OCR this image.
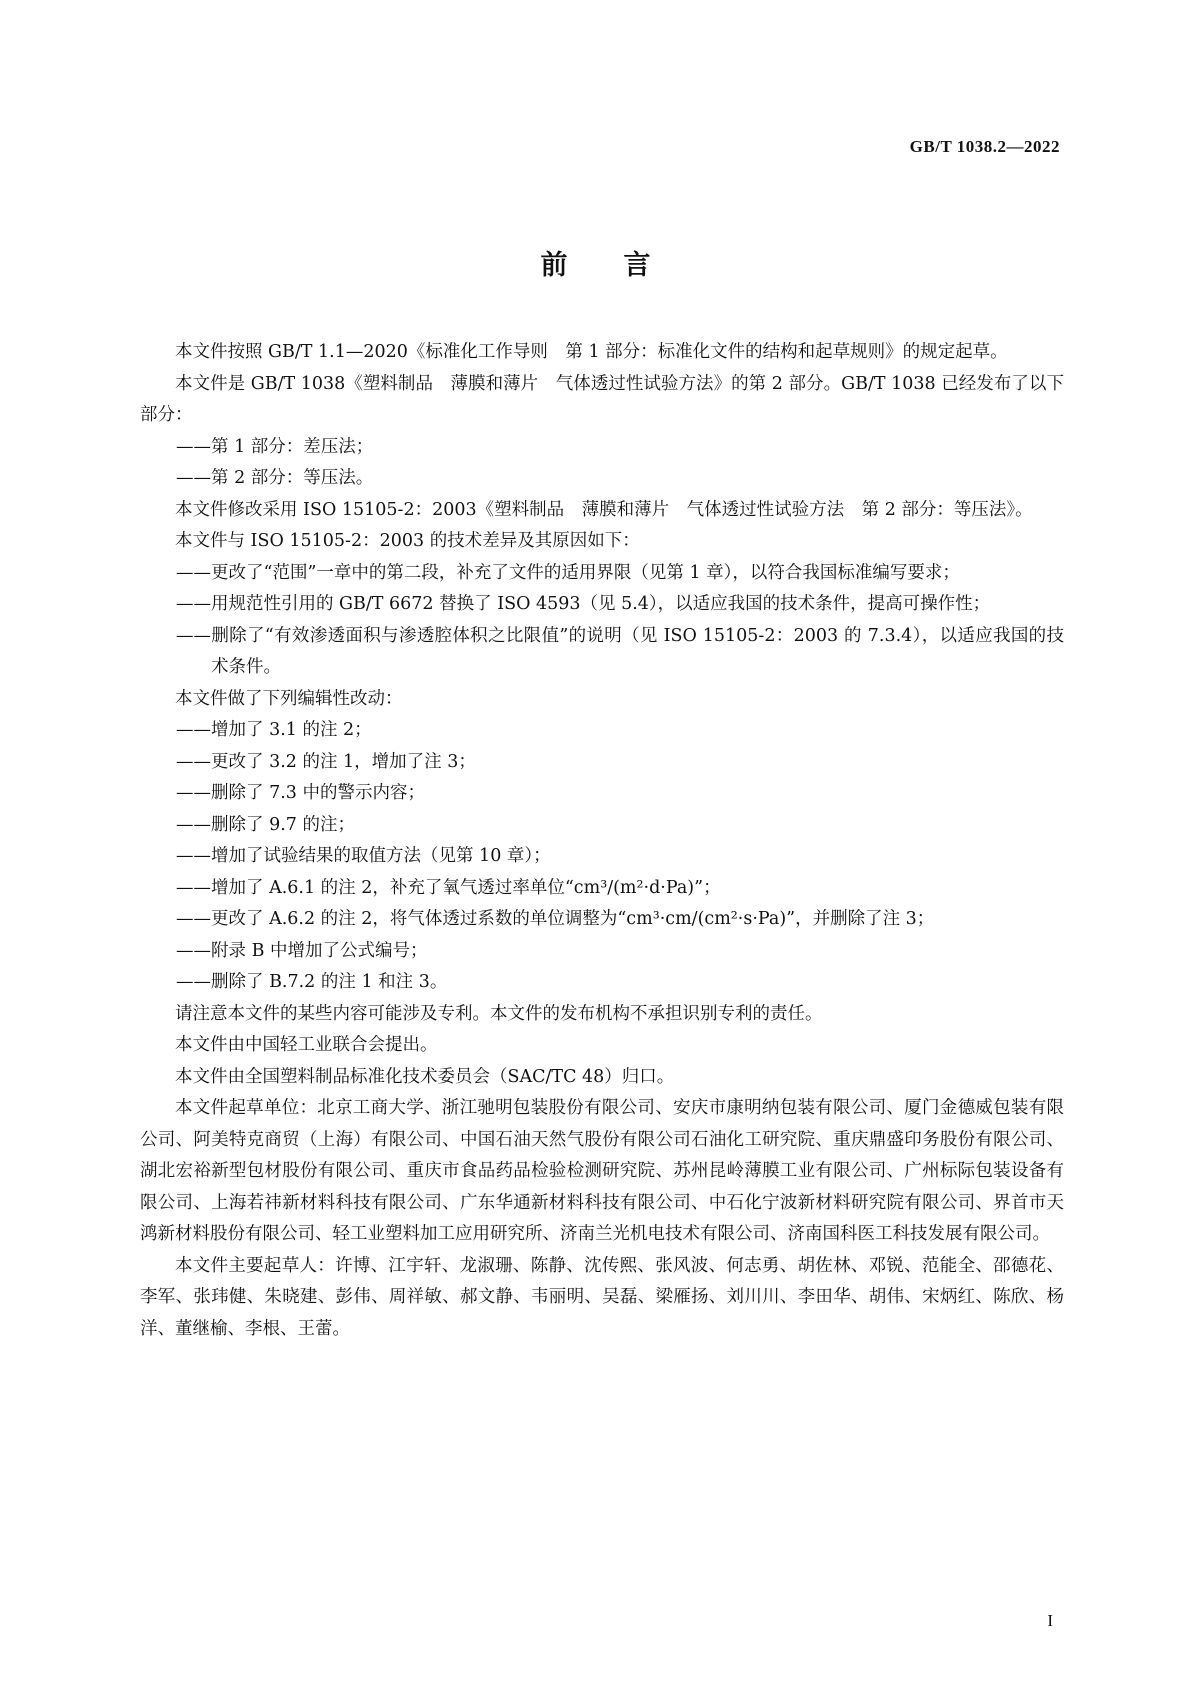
GB/T 1038.2—2022
前言

本文件按照 GB/T 1.1—2020《标准化工作导则　第 1 部分：标准化文件的结构和起草规则》的规定起草。

本文件是 GB/T 1038《塑料制品　薄膜和薄片　气体透过性试验方法》的第 2 部分。GB/T 1038 已经发布了以下部分：

——第 1 部分：差压法；

——第 2 部分：等压法。

本文件修改采用 ISO 15105-2：2003《塑料制品　薄膜和薄片　气体透过性试验方法　第 2 部分：等压法》。

本文件与 ISO 15105-2：2003 的技术差异及其原因如下：

——更改了“范围”一章中的第二段，补充了文件的适用界限（见第 1 章），以符合我国标准编写要求；

——用规范性引用的 GB/T 6672 替换了 ISO 4593（见 5.4），以适应我国的技术条件，提高可操作性；

——删除了“有效渗透面积与渗透腔体积之比限值”的说明（见 ISO 15105-2：2003 的 7.3.4），以适应我国的技术条件。

本文件做了下列编辑性改动：

——增加了 3.1 的注 2；

——更改了 3.2 的注 1，增加了注 3；

——删除了 7.3 中的警示内容；

——删除了 9.7 的注；

——增加了试验结果的取值方法（见第 10 章）；

——增加了 A.6.1 的注 2，补充了氧气透过率单位“cm³/(m²·d·Pa)”；

——更改了 A.6.2 的注 2，将气体透过系数的单位调整为“cm³·cm/(cm²·s·Pa)”，并删除了注 3；

——附录 B 中增加了公式编号；

——删除了 B.7.2 的注 1 和注 3。

请注意本文件的某些内容可能涉及专利。本文件的发布机构不承担识别专利的责任。

本文件由中国轻工业联合会提出。

本文件由全国塑料制品标准化技术委员会（SAC/TC 48）归口。

本文件起草单位：北京工商大学、浙江驰明包装股份有限公司、安庆市康明纳包装有限公司、厦门金德威包装有限公司、阿美特克商贸（上海）有限公司、中国石油天然气股份有限公司石油化工研究院、重庆鼎盛印务股份有限公司、湖北宏裕新型包材股份有限公司、重庆市食品药品检验检测研究院、苏州昆岭薄膜工业有限公司、广州标际包装设备有限公司、上海若祎新材料科技有限公司、广东华通新材料科技有限公司、中石化宁波新材料研究院有限公司、界首市天鸿新材料股份有限公司、轻工业塑料加工应用研究所、济南兰光机电技术有限公司、济南国科医工科技发展有限公司。

本文件主要起草人：许博、江宇轩、龙淑珊、陈静、沈传熙、张风波、何志勇、胡佐林、邓锐、范能全、邵德花、李军、张玮健、朱晓建、彭伟、周祥敏、郝文静、韦丽明、吴磊、梁雁扬、刘川川、李田华、胡伟、宋炳红、陈欣、杨洋、董继榆、李根、王蕾。

I
